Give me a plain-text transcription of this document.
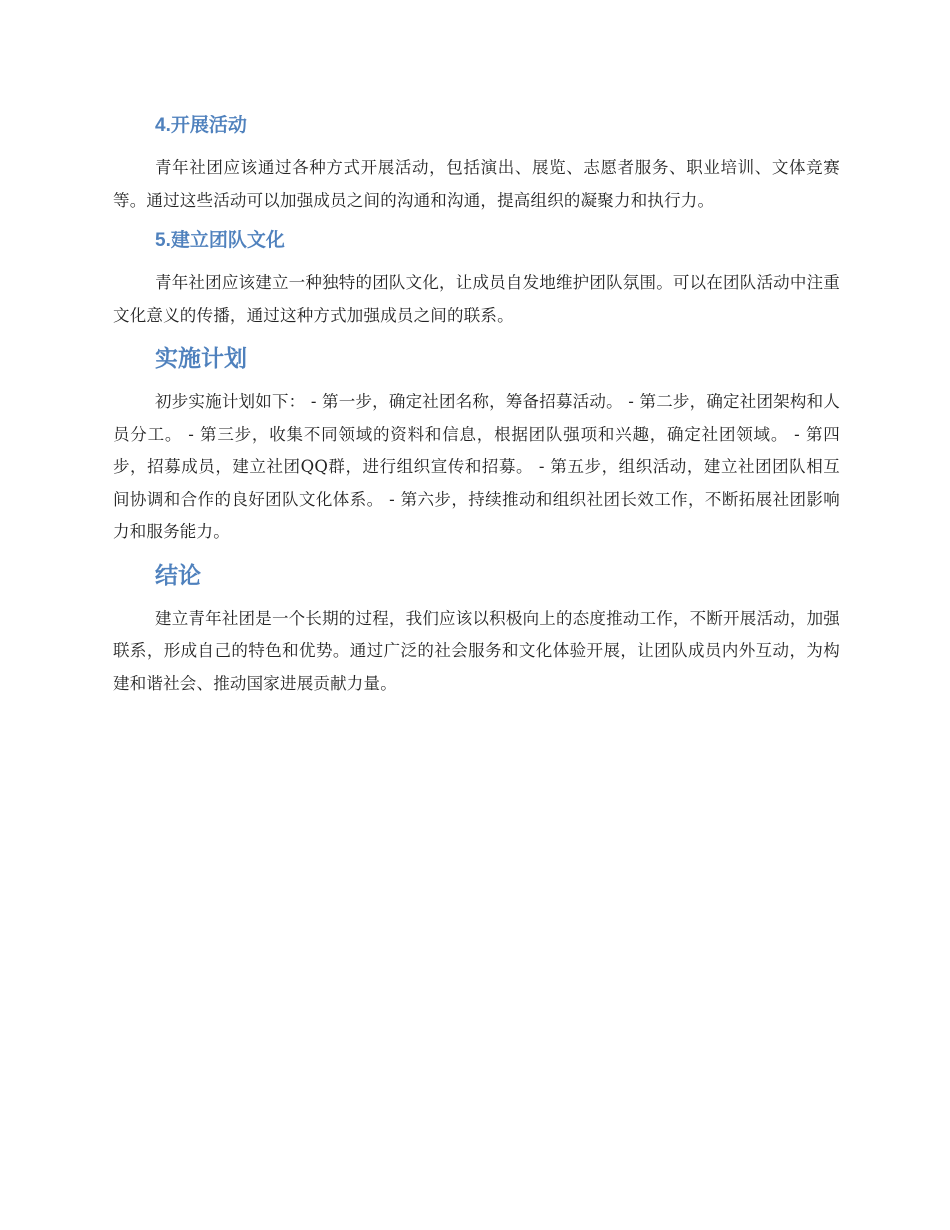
4.开展活动

青年社团应该通过各种方式开展活动，包括演出、展览、志愿者服务、职业培训、文体竞赛等。通过这些活动可以加强成员之间的沟通和沟通，提高组织的凝聚力和执行力。

5.建立团队文化

青年社团应该建立一种独特的团队文化，让成员自发地维护团队氛围。可以在团队活动中注重文化意义的传播，通过这种方式加强成员之间的联系。

实施计划

初步实施计划如下： - 第一步，确定社团名称，筹备招募活动。 - 第二步，确定社团架构和人员分工。 - 第三步，收集不同领域的资料和信息，根据团队强项和兴趣，确定社团领域。 - 第四步，招募成员，建立社团QQ群，进行组织宣传和招募。 - 第五步，组织活动，建立社团团队相互间协调和合作的良好团队文化体系。 - 第六步，持续推动和组织社团长效工作，不断拓展社团影响力和服务能力。

结论

建立青年社团是一个长期的过程，我们应该以积极向上的态度推动工作，不断开展活动，加强联系，形成自己的特色和优势。通过广泛的社会服务和文化体验开展，让团队成员内外互动，为构建和谐社会、推动国家进展贡献力量。
